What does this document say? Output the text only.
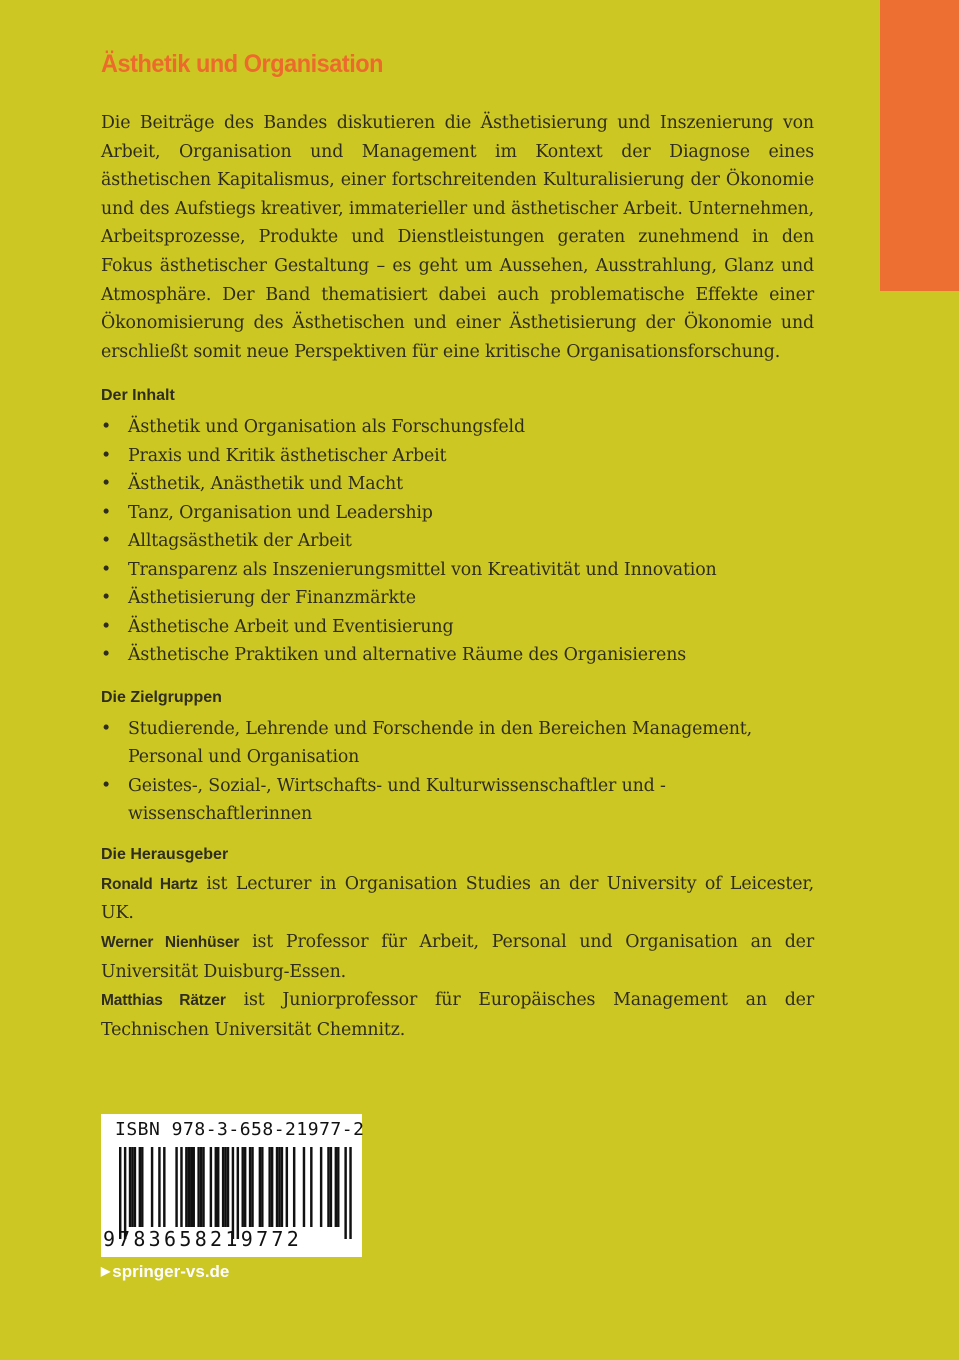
Ästhetik und Organisation

Die Beiträge des Bandes diskutieren die Ästhetisierung und Inszenierung von Arbeit, Organisation und Management im Kontext der Diagnose eines ästhetischen Kapitalismus, einer fortschreitenden Kulturalisierung der Ökonomie und des Aufstiegs kreativer, immaterieller und ästhetischer Arbeit. Unternehmen, Arbeitsprozesse, Produkte und Dienstleistungen geraten zunehmend in den Fokus ästhetischer Gestaltung – es geht um Aussehen, Ausstrahlung, Glanz und Atmosphäre. Der Band thematisiert dabei auch problematische Effekte einer Ökonomisierung des Ästhetischen und einer Ästhetisierung der Ökonomie und erschließt somit neue Perspektiven für eine kritische Organisationsforschung.

Der Inhalt
• Ästhetik und Organisation als Forschungsfeld
• Praxis und Kritik ästhetischer Arbeit
• Ästhetik, Anästhetik und Macht
• Tanz, Organisation und Leadership
• Alltagsästhetik der Arbeit
• Transparenz als Inszenierungsmittel von Kreativität und Innovation
• Ästhetisierung der Finanzmärkte
• Ästhetische Arbeit und Eventisierung
• Ästhetische Praktiken und alternative Räume des Organisierens
Die Zielgruppen
• Studierende, Lehrende und Forschende in den Bereichen Management, Personal und Organisation
• Geistes-, Sozial-, Wirtschafts- und Kulturwissenschaftler und -wissenschaftlerinnen
Die Herausgeber

Ronald Hartz ist Lecturer in Organisation Studies an der University of Leicester, UK.

Werner Nienhüser ist Professor für Arbeit, Personal und Organisation an der Universität Duisburg-Essen.

Matthias Rätzer ist Juniorprofessor für Europäisches Management an der Technischen Universität Chemnitz.

ISBN 978-3-658-21977-2
9 783658219772
▶ springer-vs.de
